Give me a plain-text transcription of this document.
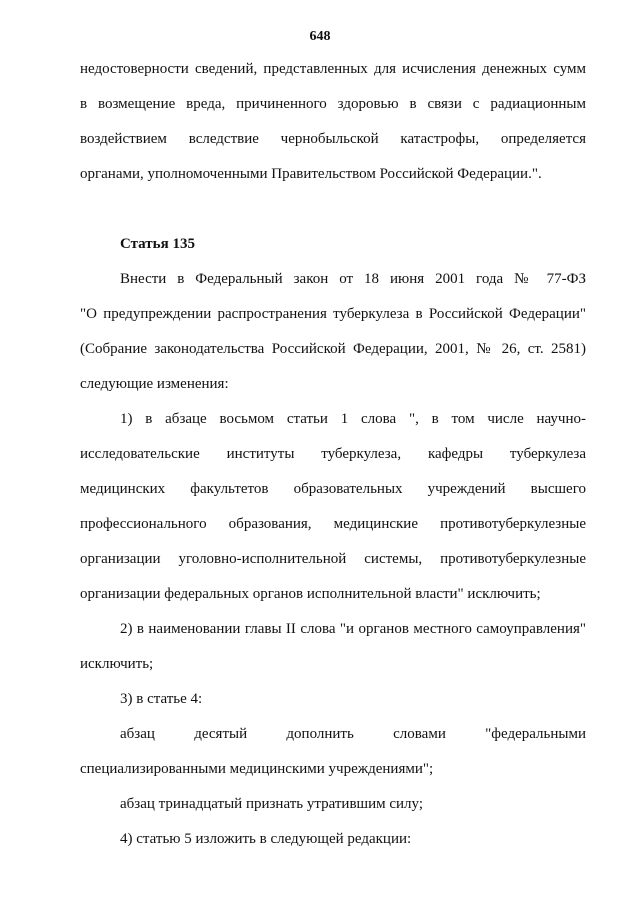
648
недостоверности сведений, представленных для исчисления денежных сумм
в возмещение вреда, причиненного здоровью в связи с радиационным
воздействием вследствие чернобыльской катастрофы, определяется
органами, уполномоченными Правительством Российской Федерации.".
Статья 135
Внести в Федеральный закон от 18 июня 2001 года № 77-ФЗ
"О предупреждении распространения туберкулеза в Российской Федерации"
(Собрание законодательства Российской Федерации, 2001, № 26, ст. 2581)
следующие изменения:
1) в абзаце восьмом статьи 1 слова ", в том числе научно-
исследовательские институты туберкулеза, кафедры туберкулеза
медицинских факультетов образовательных учреждений высшего
профессионального образования, медицинские противотуберкулезные
организации уголовно-исполнительной системы, противотуберкулезные
организации федеральных органов исполнительной власти" исключить;
2) в наименовании главы II слова "и органов местного самоуправления"
исключить;
3) в статье 4:
абзац десятый дополнить словами "федеральными
специализированными медицинскими учреждениями";
абзац тринадцатый признать утратившим силу;
4) статью 5 изложить в следующей редакции:
